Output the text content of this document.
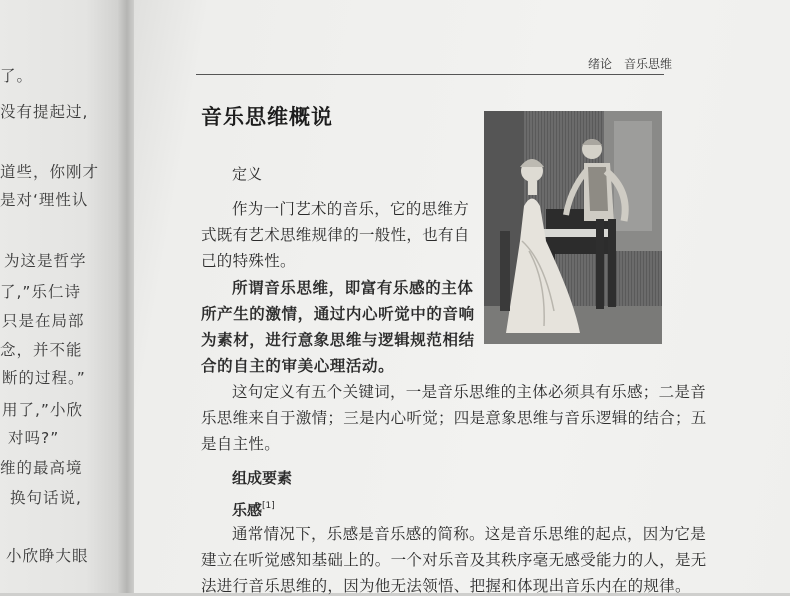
了。
没有提起过,
道些，你刚才
是对‘理性认
为这是哲学
了,”乐仁诗
只是在局部
念，并不能
断的过程。”
用了,”小欣
对吗?”
维的最高境
换句话说,
小欣睁大眼
绪论 音乐思维
音乐思维概说
定义
作为一门艺术的音乐，它的思维方
式既有艺术思维规律的一般性，也有自
己的特殊性。
所谓音乐思维，即富有乐感的主体
所产生的激情，通过内心听觉中的音响
为素材，进行意象思维与逻辑规范相结
合的自主的审美心理活动。
这句定义有五个关键词，一是音乐思维的主体必须具有乐感；二是音
乐思维来自于激情；三是内心听觉；四是意象思维与音乐逻辑的结合；五
是自主性。
组成要素
乐感[1]
通常情况下，乐感是音乐感的简称。这是音乐思维的起点，因为它是
建立在听觉感知基础上的。一个对乐音及其秩序毫无感受能力的人，是无
法进行音乐思维的，因为他无法领悟、把握和体现出音乐内在的规律。
